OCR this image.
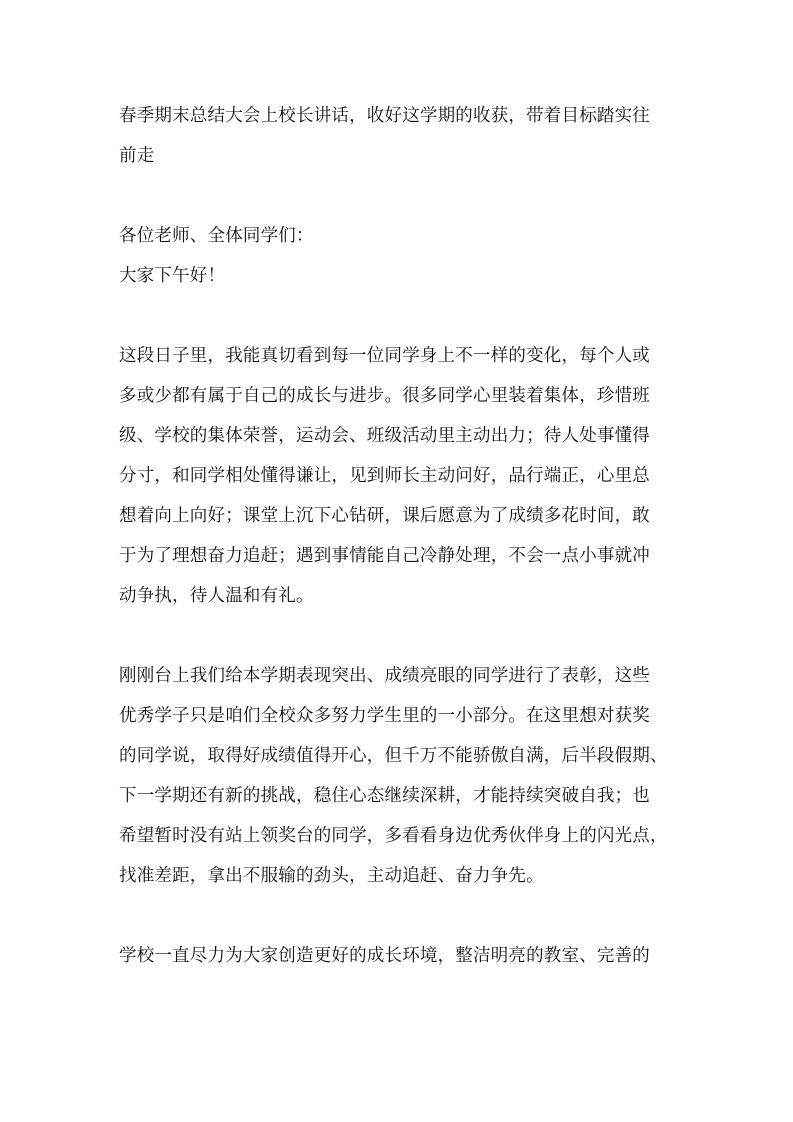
春季期末总结大会上校长讲话，收好这学期的收获，带着目标踏实往

前走

各位老师、全体同学们：

大家下午好！

这段日子里，我能真切看到每一位同学身上不一样的变化，每个人或

多或少都有属于自己的成长与进步。很多同学心里装着集体，珍惜班

级、学校的集体荣誉，运动会、班级活动里主动出力；待人处事懂得

分寸，和同学相处懂得谦让，见到师长主动问好，品行端正，心里总

想着向上向好；课堂上沉下心钻研，课后愿意为了成绩多花时间，敢

于为了理想奋力追赶；遇到事情能自己冷静处理，不会一点小事就冲

动争执，待人温和有礼。

刚刚台上我们给本学期表现突出、成绩亮眼的同学进行了表彰，这些

优秀学子只是咱们全校众多努力学生里的一小部分。在这里想对获奖

的同学说，取得好成绩值得开心，但千万不能骄傲自满，后半段假期、

下一学期还有新的挑战，稳住心态继续深耕，才能持续突破自我；也

希望暂时没有站上领奖台的同学，多看看身边优秀伙伴身上的闪光点，

找准差距，拿出不服输的劲头，主动追赶、奋力争先。

学校一直尽力为大家创造更好的成长环境，整洁明亮的教室、完善的
